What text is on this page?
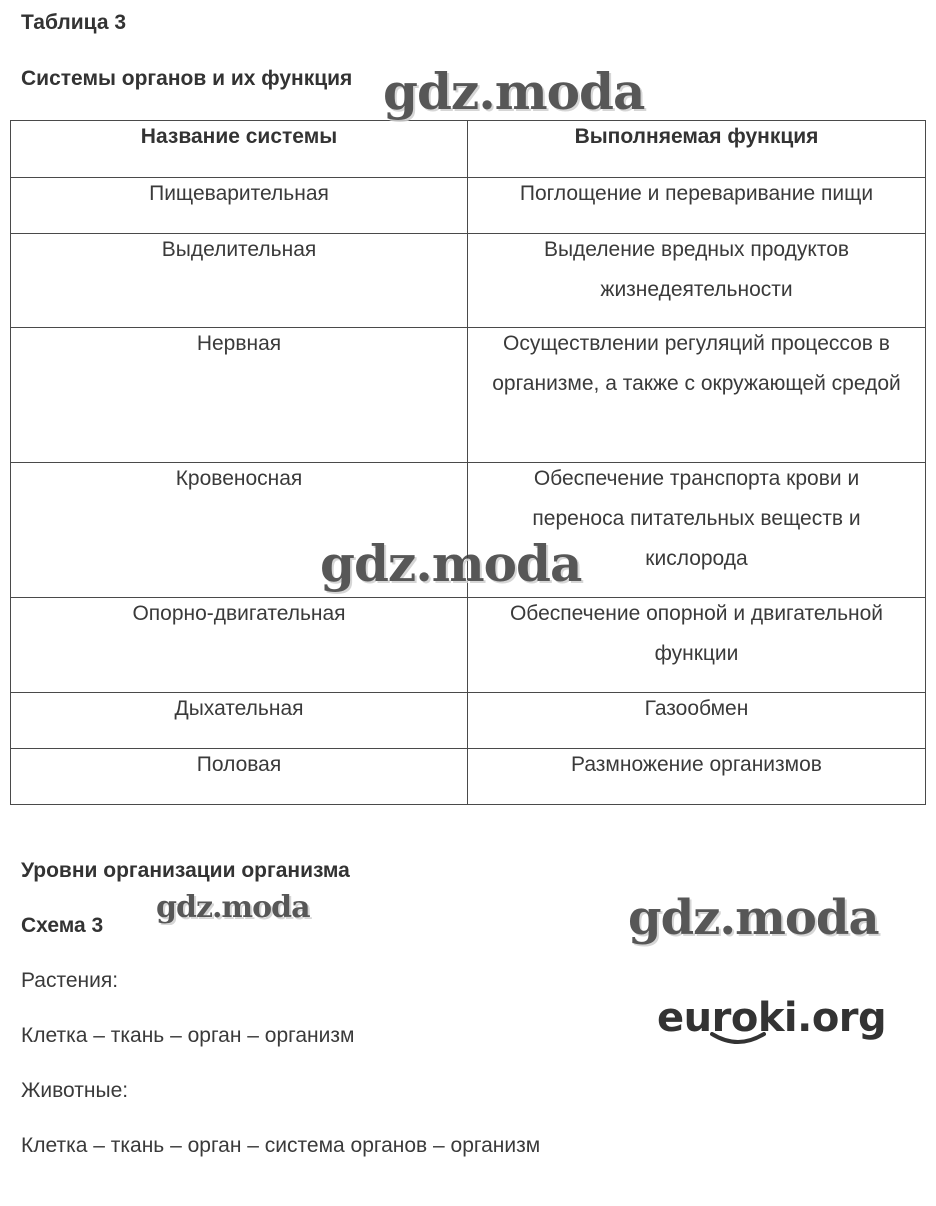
Таблица 3
Системы органов и их функция
Название системы	Выполняемая функция

Пищеварительная	Поглощение и переваривание пищи

Выделительная	Выделение вредных продуктов жизнедеятельности

Нервная	Осуществлении регуляций процессов в организме, а также с окружающей средой

Кровеносная	Обеспечение транспорта крови и переноса питательных веществ и кислорода

Опорно-двигательная	Обеспечение опорной и двигательной функции

Дыхательная	Газообмен

Половая	Размножение организмов
Уровни организации организма
Схема 3
Растения:
Клетка – ткань – орган – организм
Животные:
Клетка – ткань – орган – система органов – организм
gdz.moda
gdz.moda
gdz.moda	gdz.moda
euroki.org
